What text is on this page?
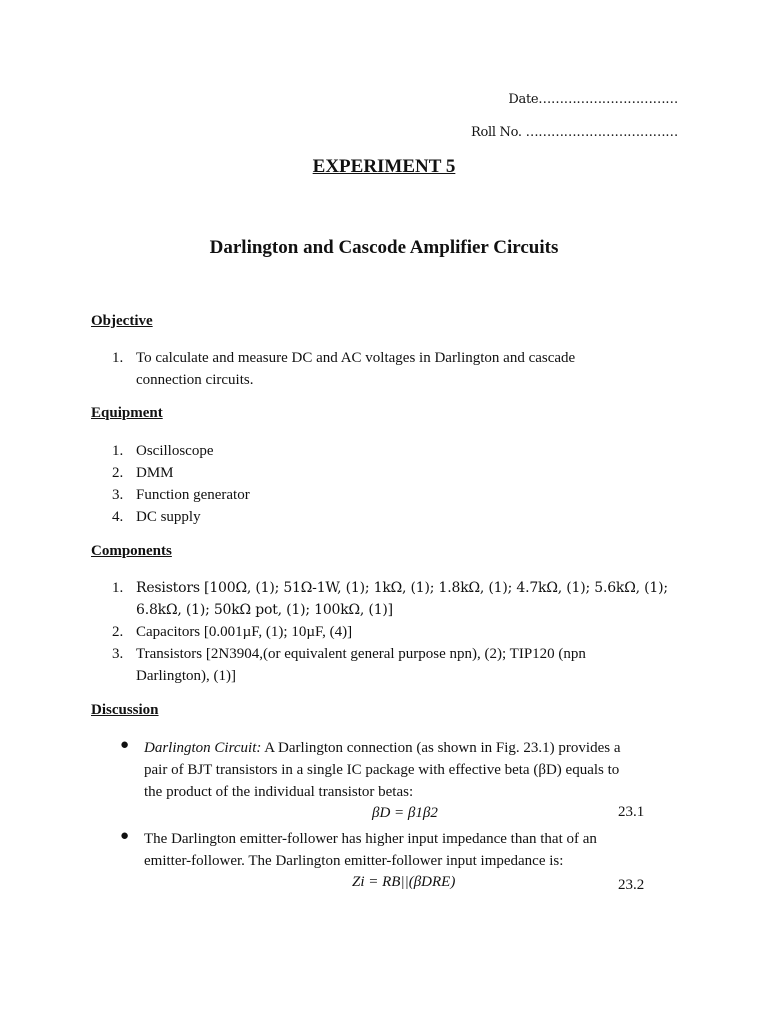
Date……………………………
Roll No. ………………………………
EXPERIMENT 5
Darlington and Cascode Amplifier Circuits
Objective
1. To calculate and measure DC and AC voltages in Darlington and cascade
connection circuits.
Equipment
1. Oscilloscope
2. DMM
3. Function generator
4. DC supply
Components
1. Resistors [100Ω, (1); 51Ω-1W, (1); 1kΩ, (1); 1.8kΩ, (1); 4.7kΩ, (1); 5.6kΩ, (1);
6.8kΩ, (1); 50kΩ pot, (1); 100kΩ, (1)]
2. Capacitors [0.001µF, (1); 10µF, (4)]
3. Transistors [2N3904,(or equivalent general purpose npn), (2); TIP120 (npn
Darlington), (1)]
Discussion
● Darlington Circuit: A Darlington connection (as shown in Fig. 23.1) provides a
pair of BJT transistors in a single IC package with effective beta (βD) equals to
the product of the individual transistor betas:
βD = β1β2	23.1
● The Darlington emitter-follower has higher input impedance than that of an
emitter-follower. The Darlington emitter-follower input impedance is:
Zi = RB||(βDRE)	23.2
